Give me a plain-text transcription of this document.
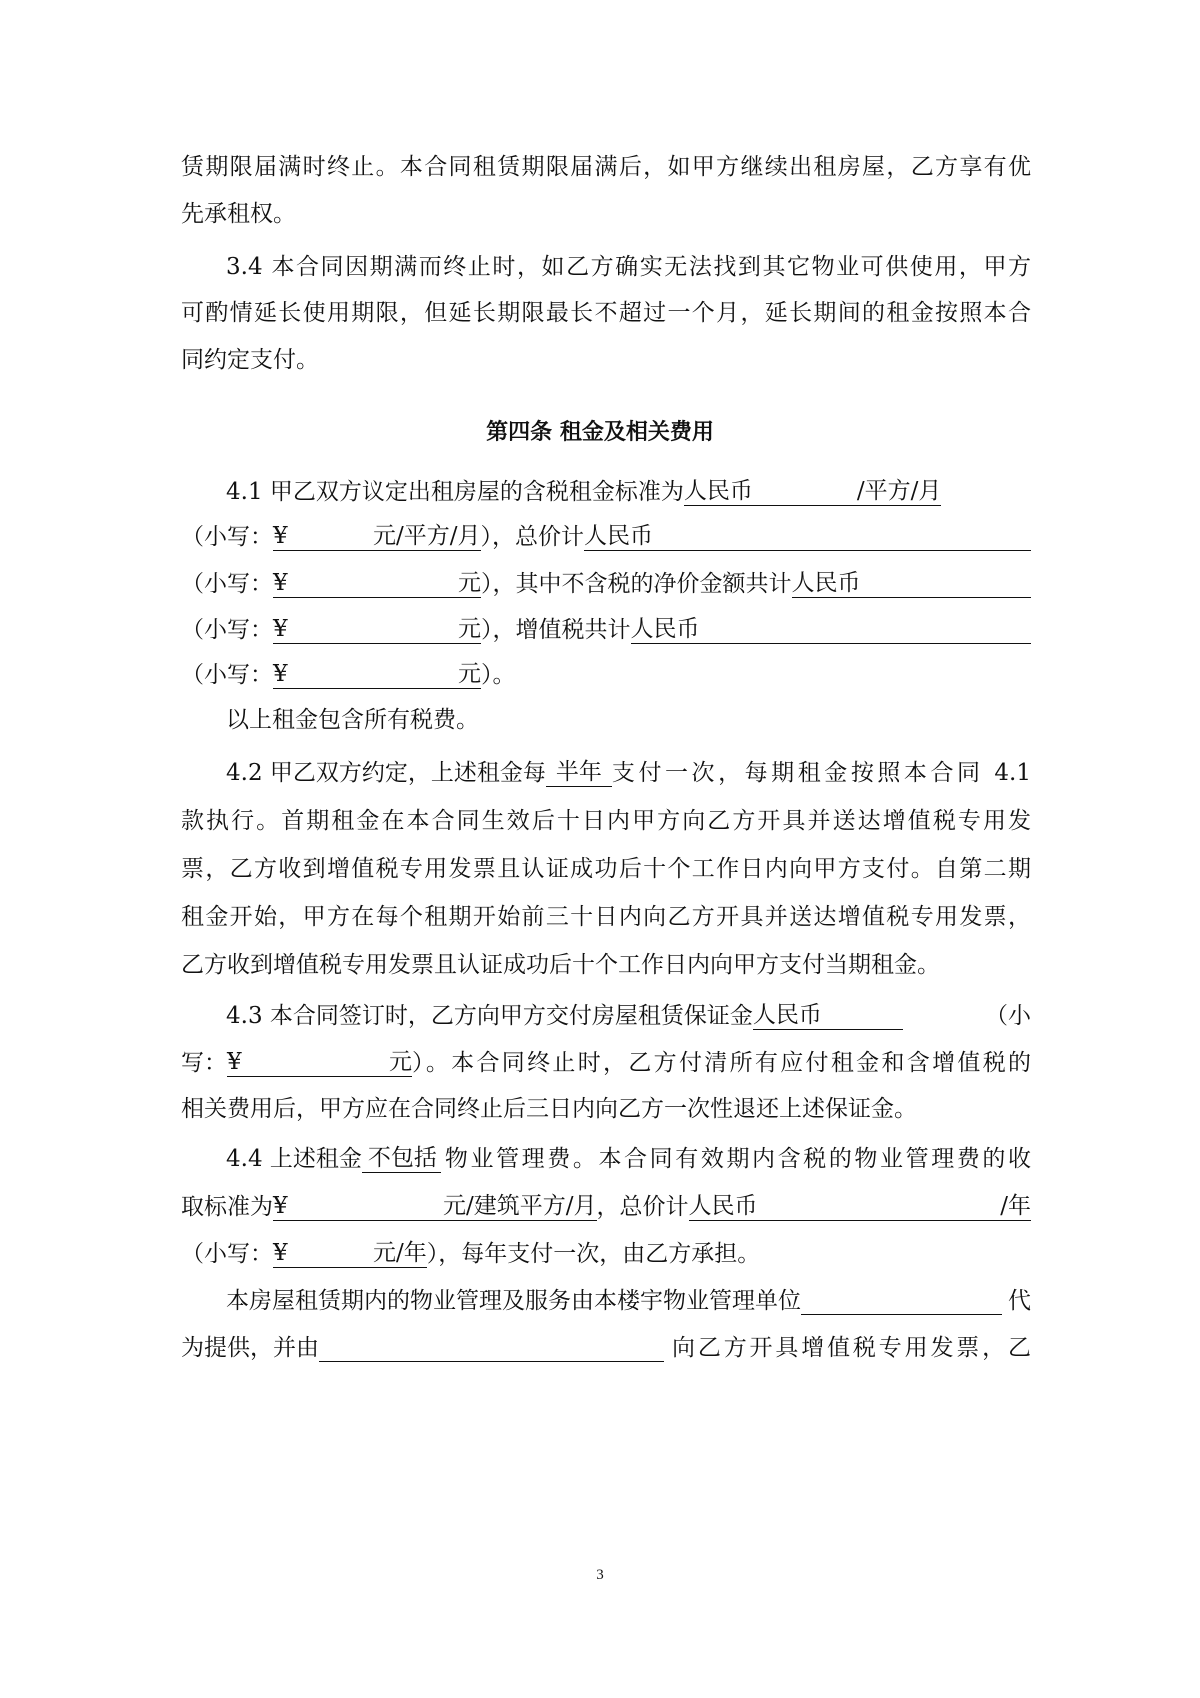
赁期限届满时终止。本合同租赁期限届满后，如甲方继续出租房屋，乙方享有优
先承租权。
3.4 本合同因期满而终止时，如乙方确实无法找到其它物业可供使用，甲方
可酌情延长使用期限，但延长期限最长不超过一个月，延长期间的租金按照本合
同约定支付。
第四条 租金及相关费用
4.1 甲乙双方议定出租房屋的含税租金标准为人民币	/平方/月
（小写： ¥	元/平方/月 ），总价计 人民币
（小写： ¥	元 ），其中不含税的净价金额共计 人民币
（小写： ¥	元 ），增值税共计 人民币
（小写：¥	元）。
以上租金包含所有税费。
4.2 甲乙双方约定，上述租金每 半年 支付一次，每期租金按照本合同 4.1
款执行。首期租金在本合同生效后十日内甲方向乙方开具并送达增值税专用发
票，乙方收到增值税专用发票且认证成功后十个工作日内向甲方支付。自第二期
租金开始，甲方在每个租期开始前三十日内向乙方开具并送达增值税专用发票，
乙方收到增值税专用发票且认证成功后十个工作日内向甲方支付当期租金。
4.3 本合同签订时，乙方向甲方交付房屋租赁保证金 人民币	（小
写： ¥	元 ）。本合同终止时，乙方付清所有应付租金和含增值税的
相关费用后，甲方应在合同终止后三日内向乙方一次性退还上述保证金。
4.4 上述租金 不包括 物业管理费。本合同有效期内含税的物业管理费的收
取标准为 ¥	元/建筑平方/月 ，总价计 人民币	/年
（小写：¥	元/年），每年支付一次，由乙方承担。
本房屋租赁期内的物业管理及服务由本楼宇物业管理单位	代
为提供，并由	向乙方开具增值税专用发票，乙
3
